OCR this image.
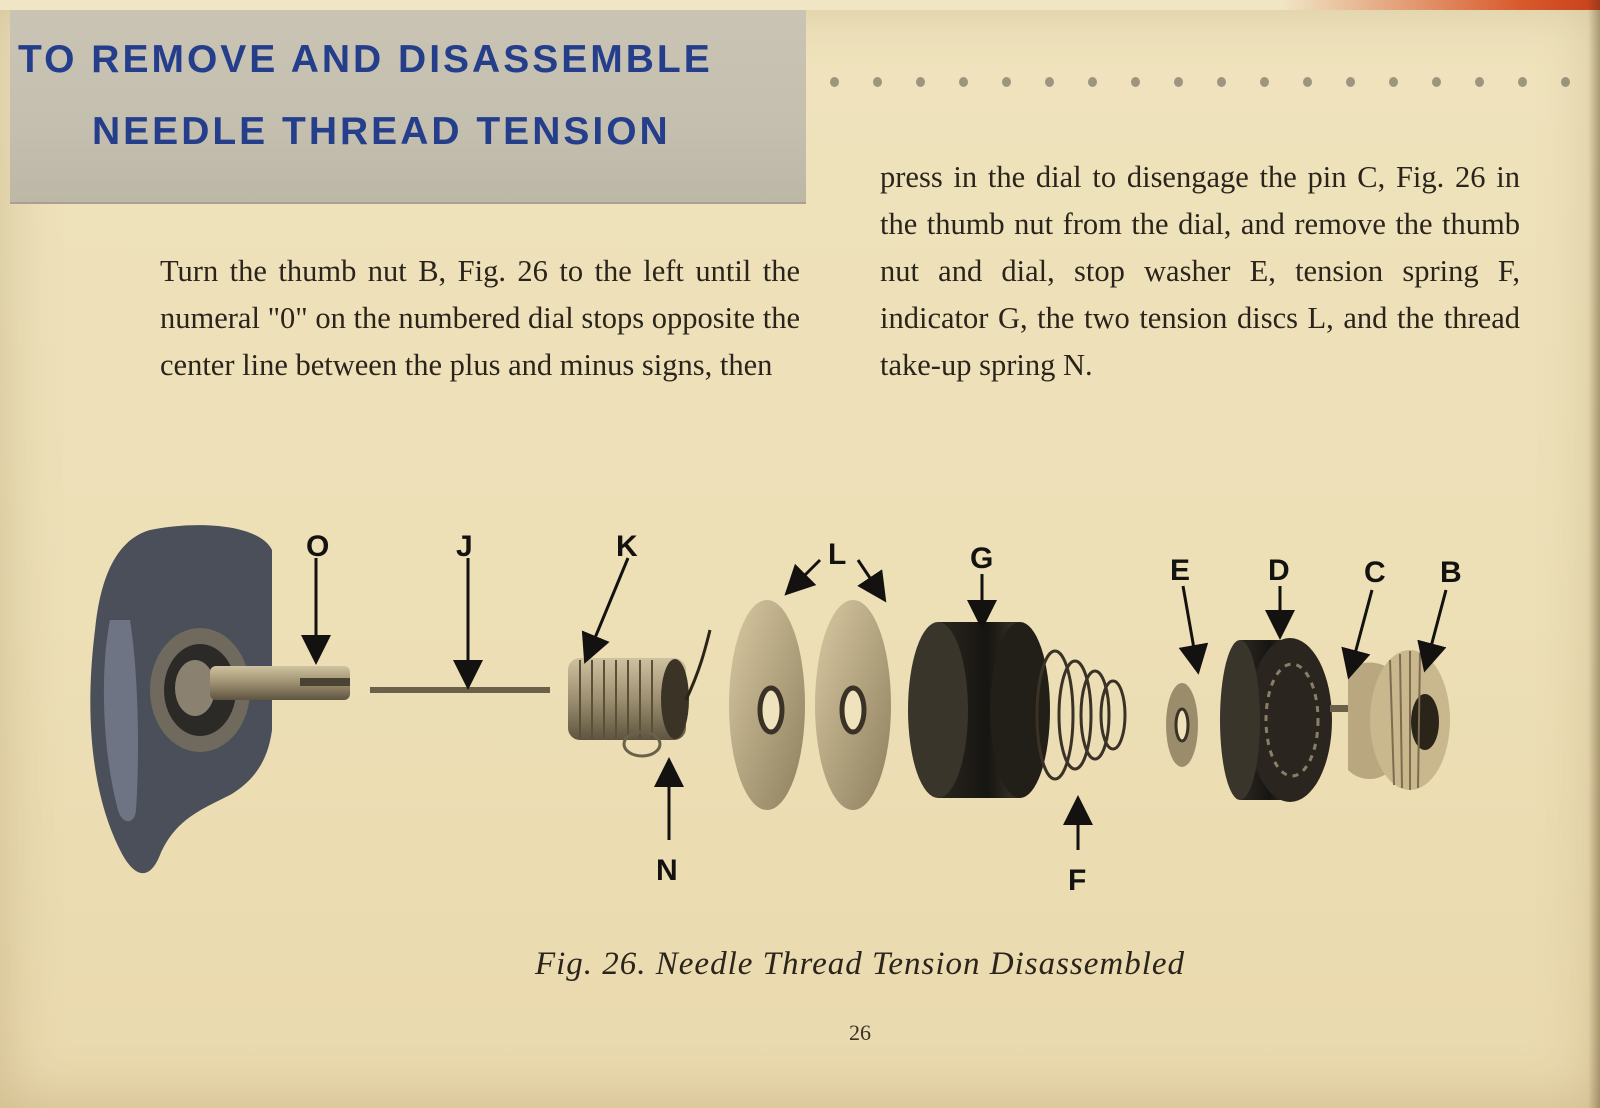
TO REMOVE AND DISASSEMBLE
NEEDLE THREAD TENSION

Turn the thumb nut B, Fig. 26 to the left until the numeral "0" on the numbered dial stops opposite the center line between the plus and minus signs, then

press in the dial to disengage the pin C, Fig. 26 in the thumb nut from the dial, and remove the thumb nut and dial, stop washer E, tension spring F, indicator G, the two tension discs L, and the thread take-up spring N.

O	J	K	L	G	E	D C B
N	F
Fig. 26. Needle Thread Tension Disassembled
26
